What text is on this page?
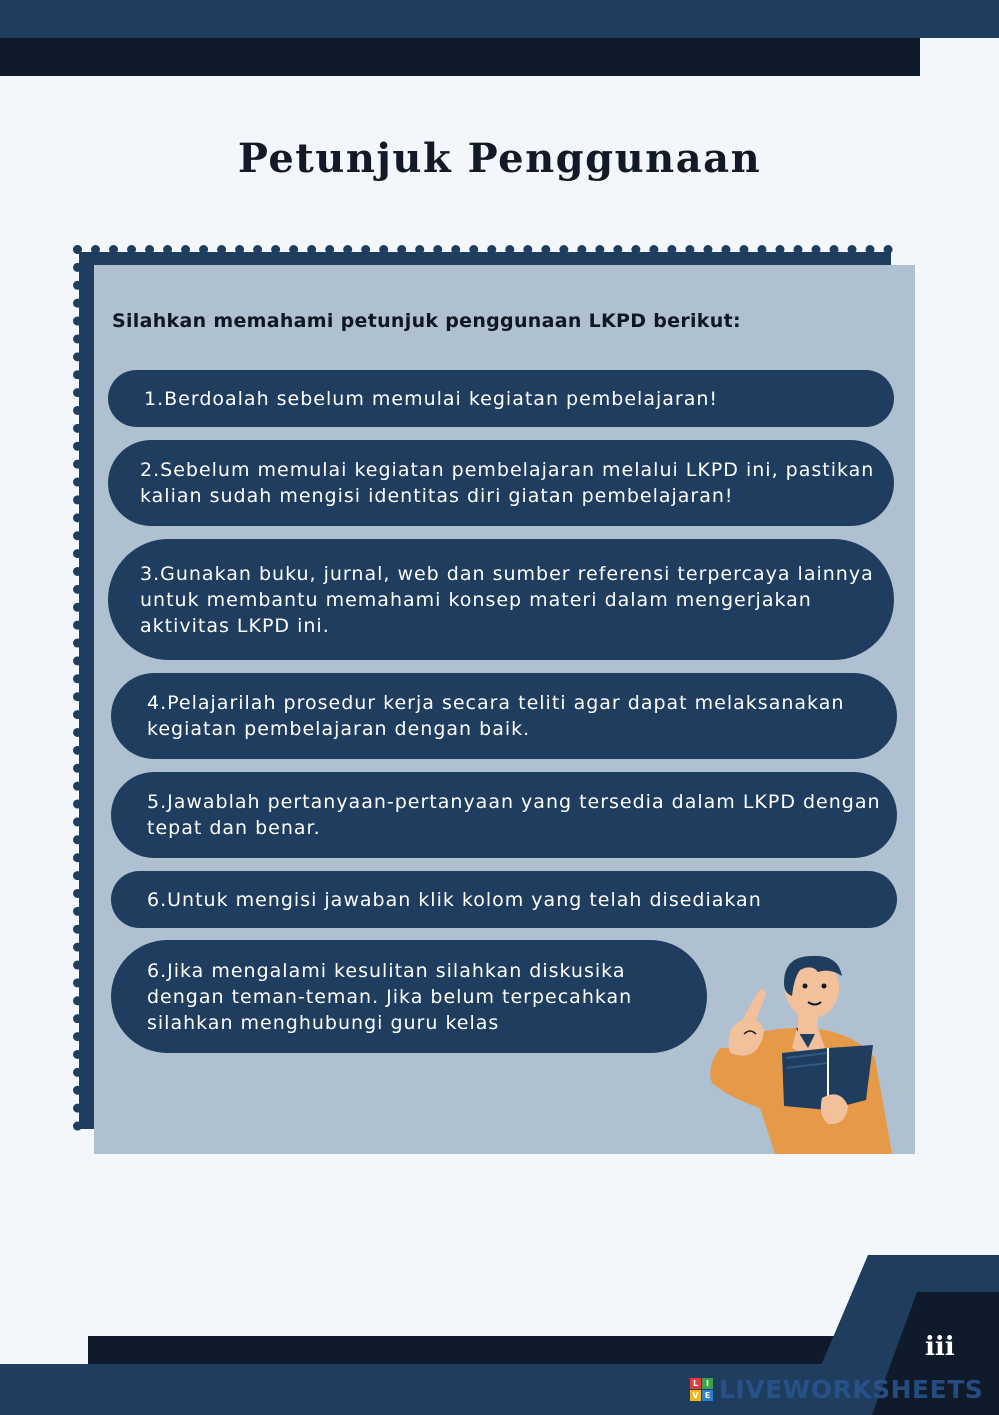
Petunjuk Penggunaan
Silahkan memahami petunjuk penggunaan LKPD berikut:
1.Berdoalah sebelum memulai kegiatan pembelajaran!
2.Sebelum memulai kegiatan pembelajaran melalui LKPD ini, pastikan
kalian sudah mengisi identitas diri giatan pembelajaran!
3.Gunakan buku, jurnal, web dan sumber referensi terpercaya lainnya
untuk membantu memahami konsep materi dalam mengerjakan
aktivitas LKPD ini.
4.Pelajarilah prosedur kerja secara teliti agar dapat melaksanakan
kegiatan pembelajaran dengan baik.
5.Jawablah pertanyaan-pertanyaan yang tersedia dalam LKPD dengan
tepat dan benar.
6.Untuk mengisi jawaban klik kolom yang telah disediakan
6.Jika mengalami kesulitan silahkan diskusika
dengan teman-teman. Jika belum terpecahkan
silahkan menghubungi guru kelas
iii
L I
V E LIVEWORKSHEETS
